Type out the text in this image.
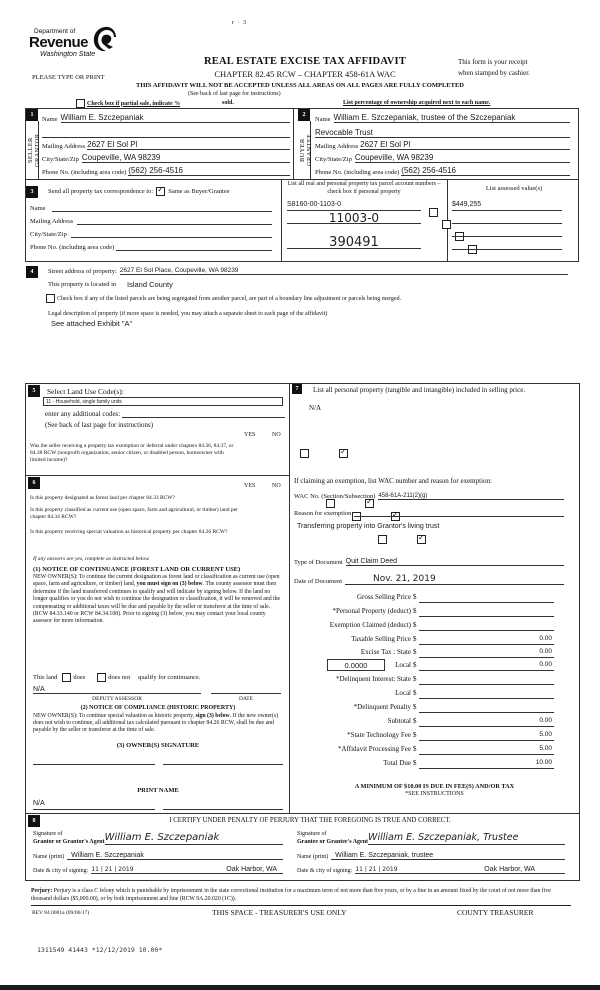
r · 3
Department of
Revenue
Washington State
PLEASE TYPE OR PRINT
REAL ESTATE EXCISE TAX AFFIDAVIT
CHAPTER 82.45 RCW – CHAPTER 458-61A WAC
This form is your receipt
when stamped by cashier.
THIS AFFIDAVIT WILL NOT BE ACCEPTED UNLESS ALL AREAS ON ALL PAGES ARE FULLY COMPLETED
(See back of last page for instructions)
Check box if partial sale, indicate %	sold.	List percentage of ownership acquired next to each name.
1
SELLER GRANTOR
Name William E. Szczepaniak
Mailing Address 2627 El Sol Pl
City/State/Zip Coupeville, WA 98239
Phone No. (including area code) (562) 256-4516
2
BUYER GRANTEE
Name William E. Szczepaniak, trustee of the Szczepaniak
Revocable Trust
Mailing Address 2627 El Sol Pl
City/State/Zip Coupeville, WA 98239
Phone No. (including area code) (562) 256-4516
3	Send all property tax correspondence to: ✓ Same as Buyer/Grantee
Name
Mailing Address
City/State/Zip
Phone No. (including area code)
List all real and personal property tax parcel account numbers – check box if personal property	List assessed value(s)
S8160-00-1103-0
	$449,255
11003-0

390491

4	Street address of property: 2627 El Sol Place, Coupeville, WA 98239
This property is located in Island County
Check box if any of the listed parcels are being segregated from another parcel, are part of a boundary line adjustment or parcels being merged.
Legal description of property (if more space is needed, you may attach a separate sheet to each page of the affidavit)
See attached Exhibit "A"
5	Select Land Use Code(s):
11 - Household, single family units
enter any additional codes:
(See back of last page for instructions)
YES	NO
Was the seller receiving a property tax exemption or deferral under chapters 84.36, 84.37, or 84.38 RCW (nonprofit organization, senior citizen, or disabled person, homeowner with limited income)?
✓
6	YES	NO
Is this property designated as forest land per chapter 84.33 RCW?
✓
Is this property classified as current use (open space, farm and agricultural, or timber) land per chapter 84.34 RCW?
✓
Is this property receiving special valuation as historical property per chapter 84.26 RCW?
✓
If any answers are yes, complete as instructed below.
(1) NOTICE OF CONTINUANCE (FOREST LAND OR CURRENT USE)
NEW OWNER(S): To continue the current designation as forest land or classification as current use (open space, farm and agriculture, or timber) land, you must sign on (3) below. The county assessor must then determine if the land transferred continues to qualify and will indicate by signing below. If the land no longer qualifies or you do not wish to continue the designation or classification, it will be removed and the compensating or additional taxes will be due and payable by the seller or transferor at the time of sale. (RCW 84.33.140 or RCW 84.34.108). Prior to signing (3) below, you may contact your local county assessor for more information.
This land does	does not qualify for continuance.
N/A
DEPUTY ASSESSOR	DATE
(2) NOTICE OF COMPLIANCE (HISTORIC PROPERTY)
NEW OWNER(S): To continue special valuation as historic property, sign (3) below. If the new owner(s) does not wish to continue, all additional tax calculated pursuant to chapter 84.26 RCW, shall be due and payable by the seller or transferor at the time of sale.
(3) OWNER(S) SIGNATURE
PRINT NAME
N/A
7	List all personal property (tangible and intangible) included in selling price.
N/A
If claiming an exemption, list WAC number and reason for exemption:
WAC No. (Section/Subsection) 458-61A-211(2)(g)
Reason for exemption
Transferring property into Grantor's living trust
Type of Document Quit Claim Deed
Date of Document	Nov. 21, 2019
Gross Selling Price $
*Personal Property (deduct) $
Exemption Claimed (deduct) $
Taxable Selling Price $	0.00
Excise Tax : State $	0.00
0.0000	Local $	0.00
*Delinquent Interest: State $
Local $
*Delinquent Penalty $
Subtotal $	0.00
*State Technology Fee $	5.00
*Affidavit Processing Fee $	5.00
Total Due $	10.00
A MINIMUM OF $10.00 IS DUE IN FEE(S) AND/OR TAX
*SEE INSTRUCTIONS
8	I CERTIFY UNDER PENALTY OF PERJURY THAT THE FOREGOING IS TRUE AND CORRECT.
Signature of
Grantor or Grantor's Agent William E. Szczepaniak
Name (print)	William E. Szczepaniak
Date & city of signing: 11 | 21 | 2019	Oak Harbor, WA
Signature of
Grantee or Grantee's Agent William E. Szczepaniak, Trustee
Name (print)	William E. Szczepaniak, trustee
Date & city of signing: 11 | 21 | 2019	Oak Harbor, WA
Perjury: Perjury is a class C felony which is punishable by imprisonment in the state correctional institution for a maximum term of not more than five years, or by a fine in an amount fixed by the court of not more than five thousand dollars ($5,000.00), or by both imprisonment and fine (RCW 9A.20.020 (1C)).
REV 84 0001a (09/06/17)	THIS SPACE - TREASURER'S USE ONLY	COUNTY TREASURER
1311549 41443 *12/12/2019 10.00*
